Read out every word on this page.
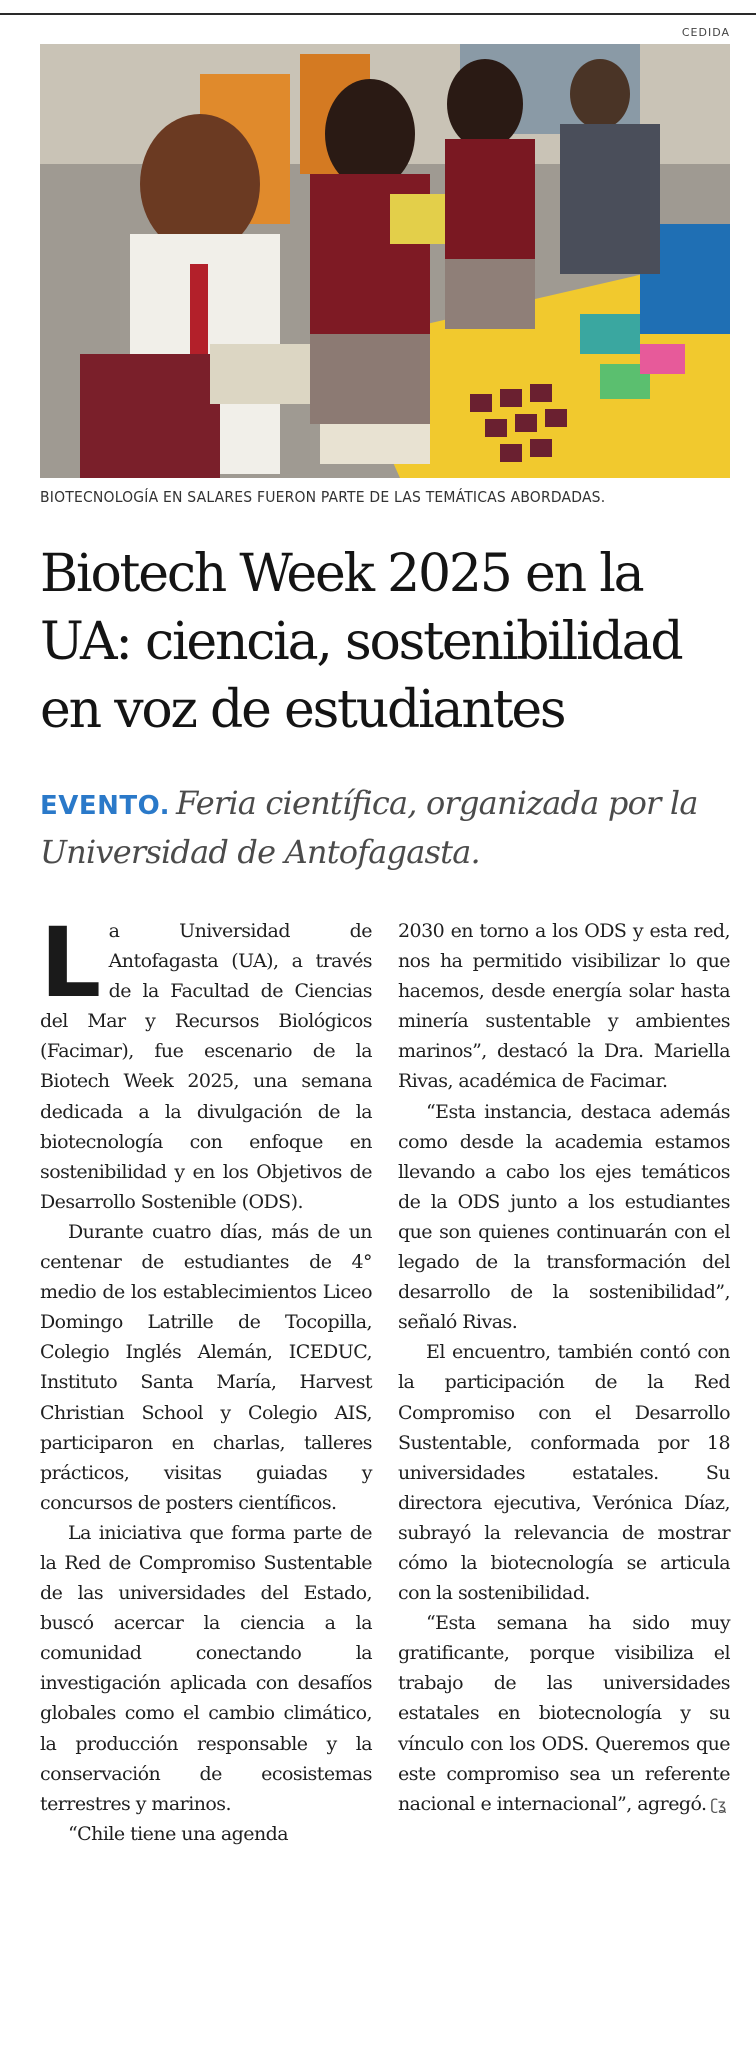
CEDIDA
BIOTECNOLOGÍA EN SALARES FUERON PARTE DE LAS TEMÁTICAS ABORDADAS.
Biotech Week 2025 en la UA: ciencia, sostenibilidad en voz de estudiantes
EVENTO. Feria científica, organizada por la Universidad de Antofagasta.

La Universidad de Antofagasta (UA), a través de la Facultad de Ciencias del Mar y Recursos Biológicos (Facimar), fue escenario de la Biotech Week 2025, una semana dedicada a la divulgación de la biotecnología con enfoque en sostenibilidad y en los Objetivos de Desarrollo Sostenible (ODS).

Durante cuatro días, más de un centenar de estudiantes de 4° medio de los establecimientos Liceo Domingo Latrille de Tocopilla, Colegio Inglés Alemán, ICEDUC, Instituto Santa María, Harvest Christian School y Colegio AIS, participaron en charlas, talleres prácticos, visitas guiadas y concursos de posters científicos.

La iniciativa que forma parte de la Red de Compromiso Sustentable de las universidades del Estado, buscó acercar la ciencia a la comunidad conectando la investigación aplicada con desafíos globales como el cambio climático, la producción responsable y la conservación de ecosistemas terrestres y marinos.

“Chile tiene una agenda

2030 en torno a los ODS y esta red, nos ha permitido visibilizar lo que hacemos, desde energía solar hasta minería sustentable y ambientes marinos”, destacó la Dra. Mariella Rivas, académica de Facimar.

“Esta instancia, destaca además como desde la academia estamos llevando a cabo los ejes temáticos de la ODS junto a los estudiantes que son quienes continuarán con el legado de la transformación del desarrollo de la sostenibilidad”, señaló Rivas.

El encuentro, también contó con la participación de la Red Compromiso con el Desarrollo Sustentable, conformada por 18 universidades estatales. Su directora ejecutiva, Verónica Díaz, subrayó la relevancia de mostrar cómo la biotecnología se articula con la sostenibilidad.

“Esta semana ha sido muy gratificante, porque visibiliza el trabajo de las universidades estatales en biotecnología y su vínculo con los ODS. Queremos que este compromiso sea un referente nacional e internacional”, agregó. ⁠ʗʓ
